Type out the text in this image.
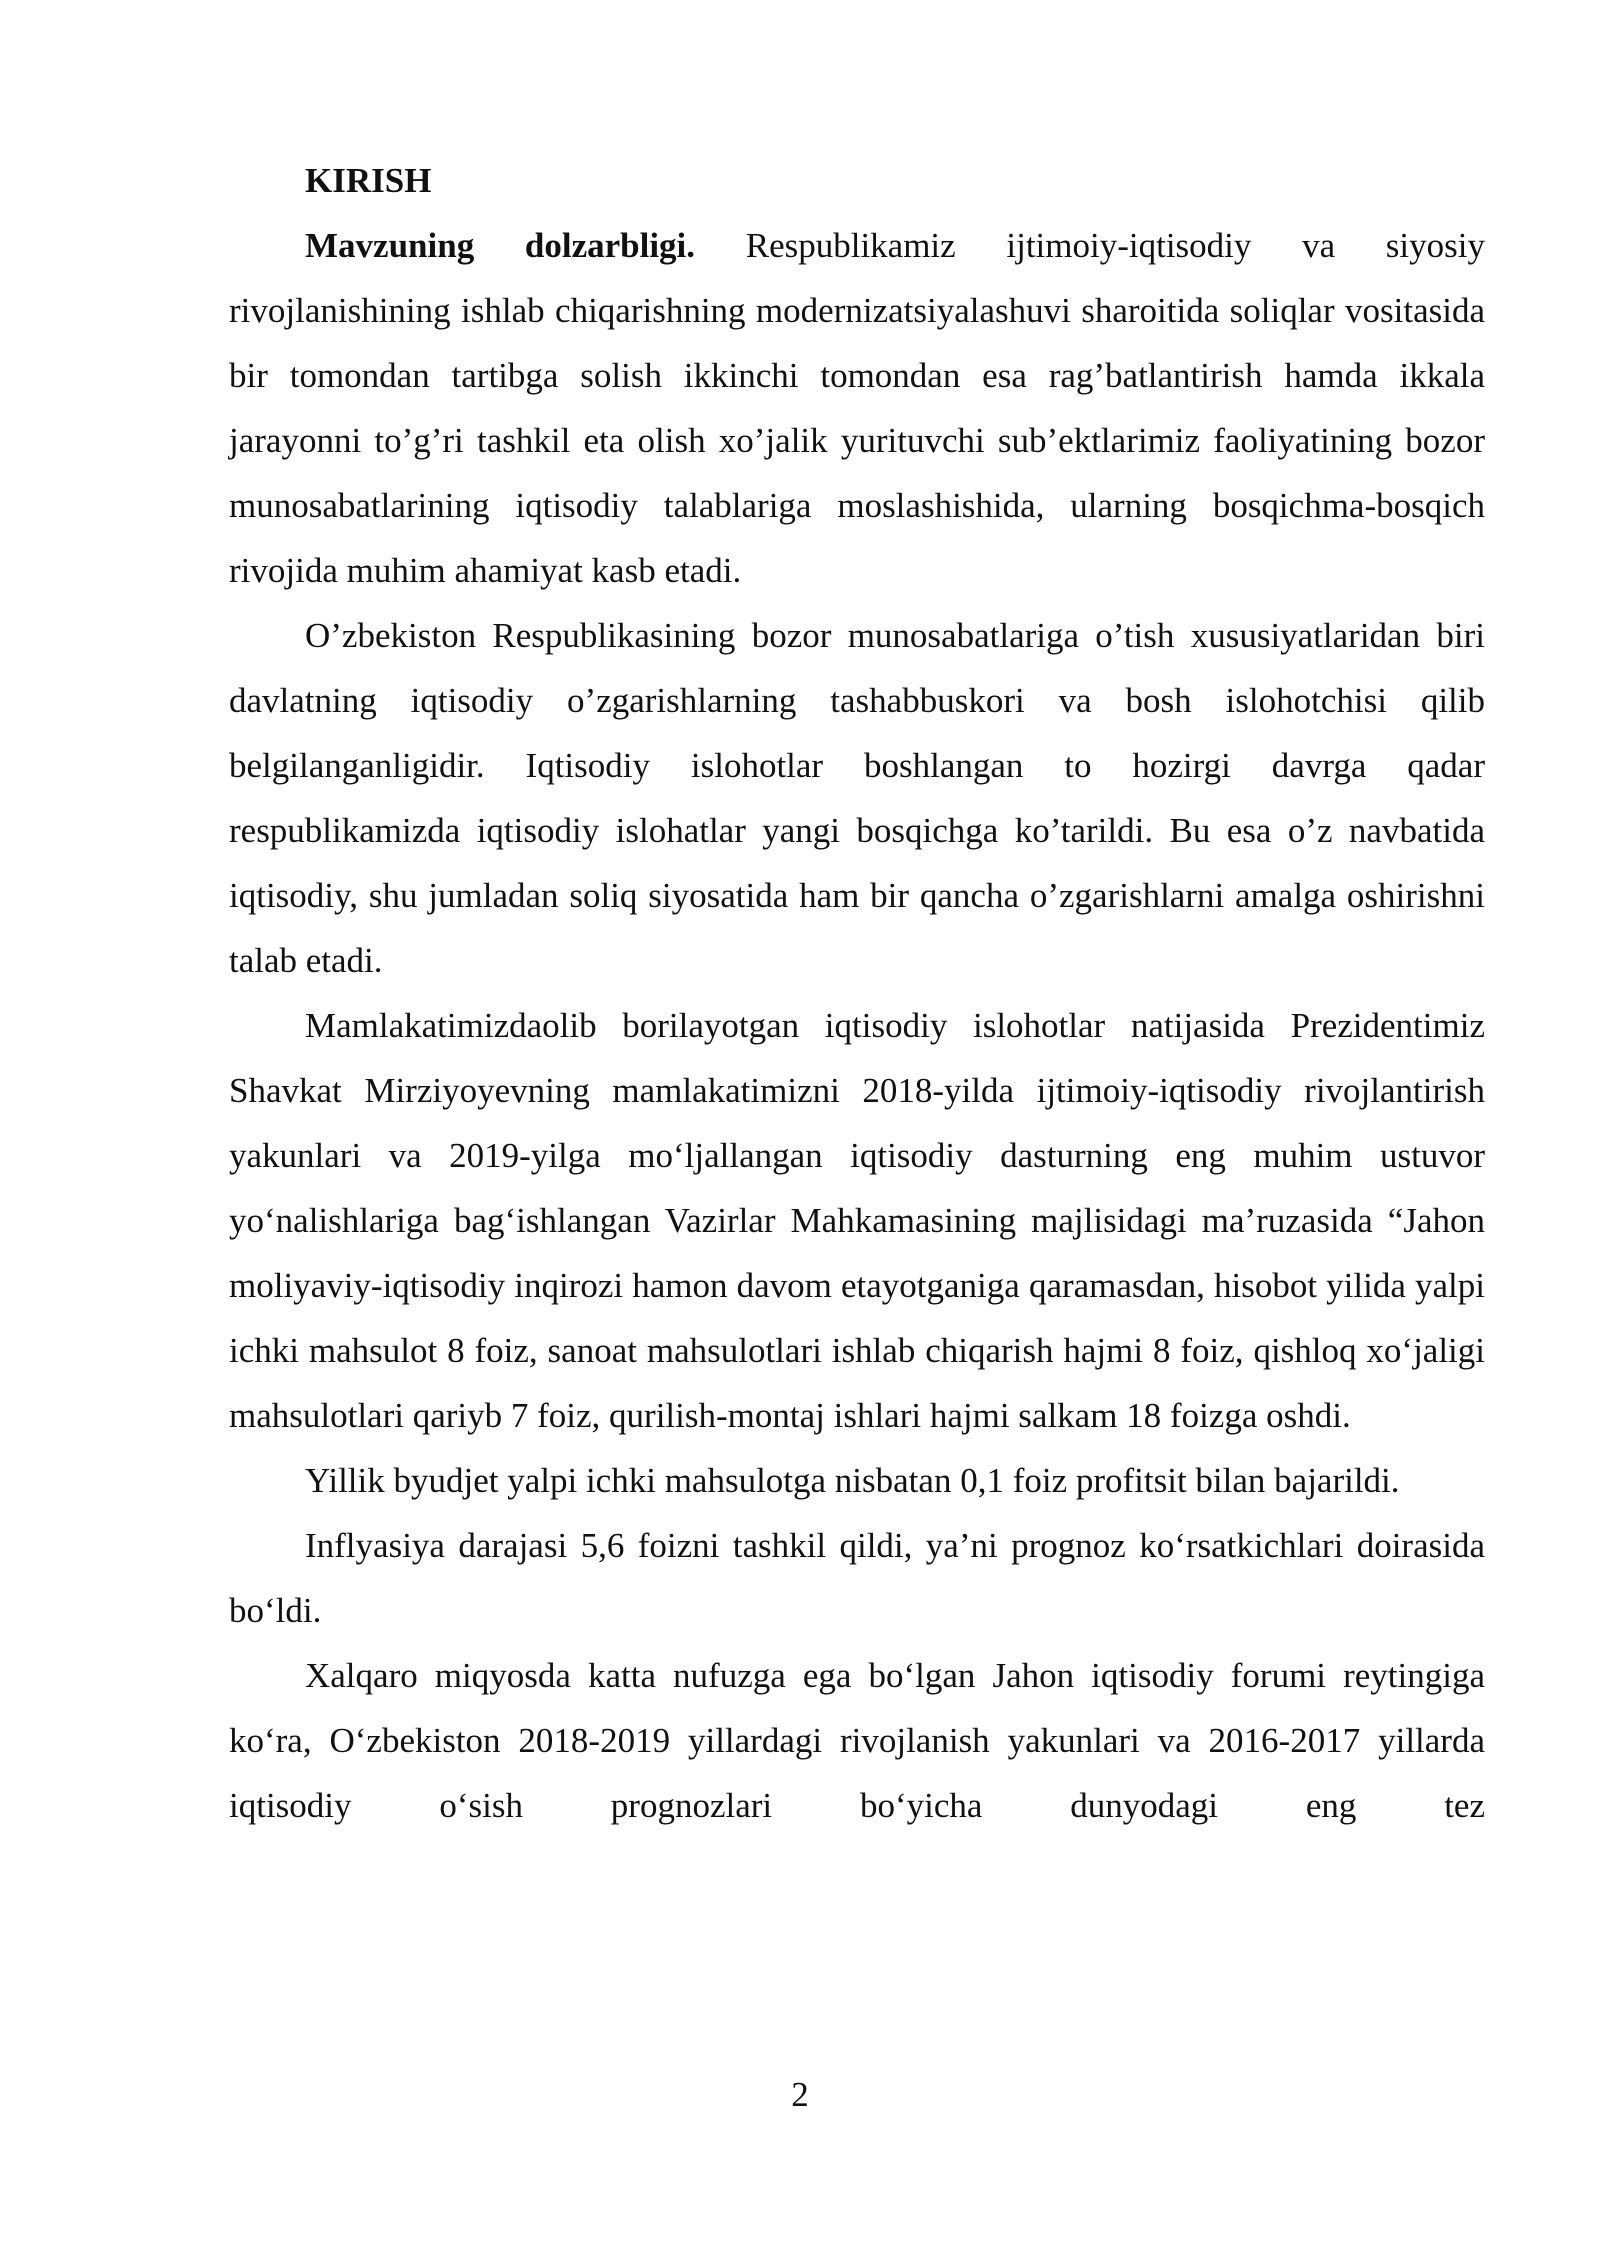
KIRISH

Mavzuning dolzarbligi. Respublikamiz ijtimoiy-iqtisodiy va siyosiy rivojlanishining ishlab chiqarishning modernizatsiyalashuvi sharoitida soliqlar vositasida bir tomondan tartibga solish ikkinchi tomondan esa rag’batlantirish hamda ikkala jarayonni to’g’ri tashkil eta olish xo’jalik yurituvchi sub’ektlarimiz faoliyatining bozor munosabatlarining iqtisodiy talablariga moslashishida, ularning bosqichma-bosqich rivojida muhim ahamiyat kasb etadi.

O’zbekiston Respublikasining bozor munosabatlariga o’tish xususiyatlaridan biri davlatning iqtisodiy o’zgarishlarning tashabbuskori va bosh islohotchisi qilib belgilanganligidir. Iqtisodiy islohotlar boshlangan to hozirgi davrga qadar respublikamizda iqtisodiy islohatlar yangi bosqichga ko’tarildi. Bu esa o’z navbatida iqtisodiy, shu jumladan soliq siyosatida ham bir qancha o’zgarishlarni amalga oshirishni talab etadi.

Mamlakatimizdaolib borilayotgan iqtisodiy islohotlar natijasida Prezidentimiz Shavkat Mirziyoyevning mamlakatimizni 2018-yilda ijtimoiy-iqtisodiy rivojlantirish yakunlari va 2019-yilga mo‘ljallangan iqtisodiy dasturning eng muhim ustuvor yo‘nalishlariga bag‘ishlangan Vazirlar Mahkamasining majlisidagi ma’ruzasida “Jahon moliyaviy-iqtisodiy inqirozi hamon davom etayotganiga qaramasdan, hisobot yilida yalpi ichki mahsulot 8 foiz, sanoat mahsulotlari ishlab chiqarish hajmi 8 foiz, qishloq xo‘jaligi mahsulotlari qariyb 7 foiz, qurilish-montaj ishlari hajmi salkam 18 foizga oshdi.

Yillik byudjet yalpi ichki mahsulotga nisbatan 0,1 foiz profitsit bilan bajarildi.

Inflyasiya darajasi 5,6 foizni tashkil qildi, ya’ni prognoz ko‘rsatkichlari doirasida bo‘ldi.

Xalqaro miqyosda katta nufuzga ega bo‘lgan Jahon iqtisodiy forumi reytingiga ko‘ra, O‘zbekiston 2018-2019 yillardagi rivojlanish yakunlari va 2016-2017 yillarda iqtisodiy o‘sish prognozlari bo‘yicha dunyodagi eng tez

2
